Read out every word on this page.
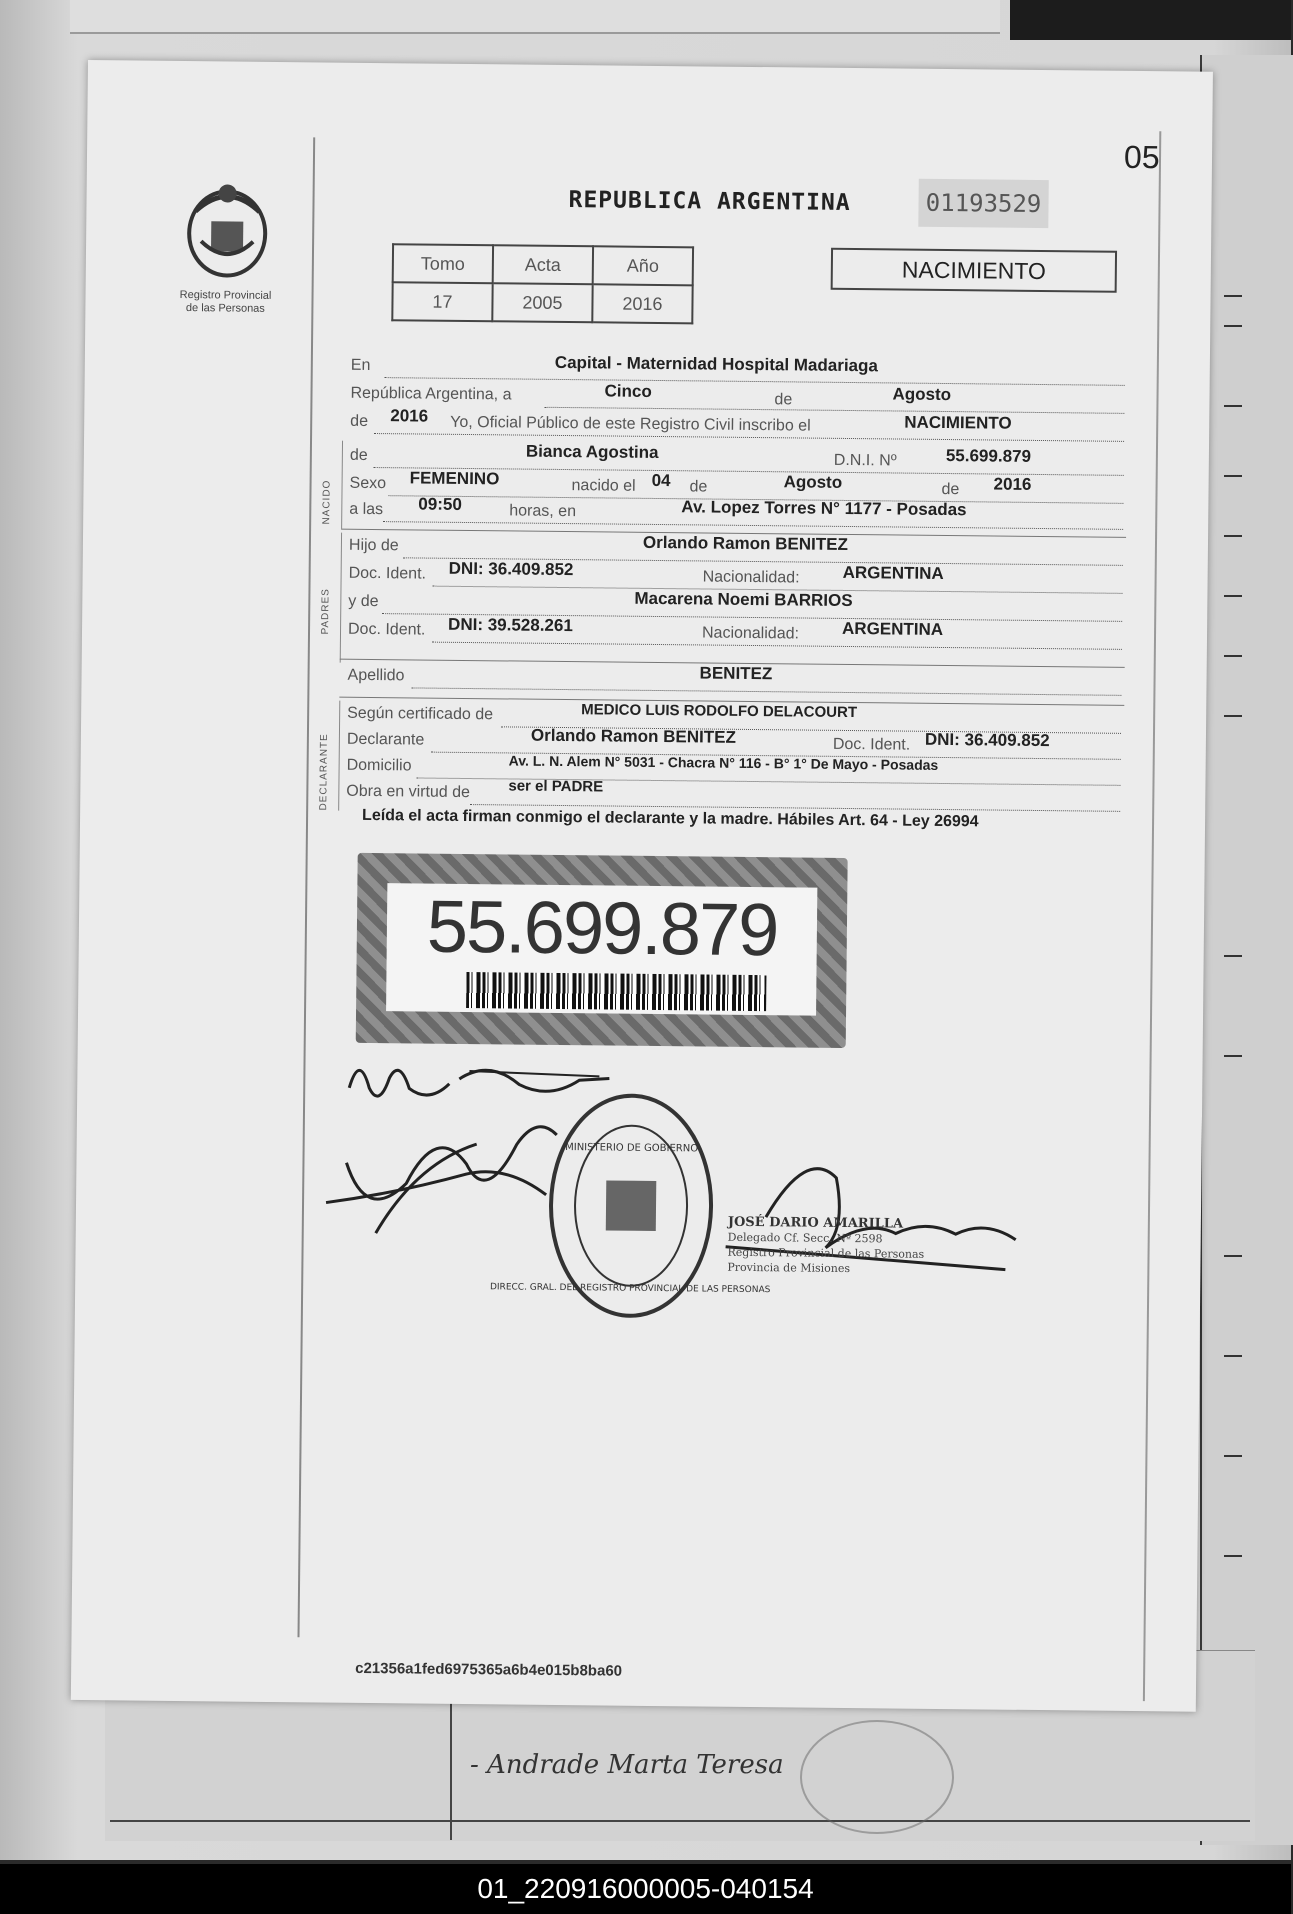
- Andrade Marta Teresa

05
Registro Provincial
de las Personas
REPUBLICA ARGENTINA	01193529
Tomo	Acta	Año
17	2005	2016
NACIMIENTO
En	Capital - Maternidad Hospital Madariaga
República Argentina, a	Cinco	de	Agosto
de 2016 Yo, Oficial Público de este Registro Civil inscribo el	NACIMIENTO
NACIDO
de	Bianca Agostina	D.N.I. Nº	55.699.879
Sexo FEMENINO	nacido el 04 de	Agosto	de 2016
a las 09:50	horas, en	Av. Lopez Torres N° 1177 - Posadas
PADRES
Hijo de	Orlando Ramon BENITEZ
Doc. Ident. DNI: 36.409.852	Nacionalidad:	ARGENTINA
y de	Macarena Noemi BARRIOS
Doc. Ident. DNI: 39.528.261	Nacionalidad:	ARGENTINA
Apellido	BENITEZ
DECLARANTE
Según certificado de	MEDICO LUIS RODOLFO DELACOURT
Declarante	Orlando Ramon BENITEZ	Doc. Ident. DNI: 36.409.852
Domicilio	Av. L. N. Alem N° 5031 - Chacra N° 116 - B° 1° De Mayo - Posadas
Obra en virtud de	ser el PADRE
Leída el acta firman conmigo el declarante y la madre. Hábiles Art. 64 - Ley 26994
55.699.879
MINISTERIO DE GOBIERNO
DIRECC. GRAL. DEL REGISTRO PROVINCIAL DE LAS PERSONAS
JOSÉ DARIO AMARILLA
Delegado Cf. Secc. Nº 2598
Registro Provincial de las Personas
Provincia de Misiones
c21356a1fed6975365a6b4e015b8ba60
01_220916000005-040154
